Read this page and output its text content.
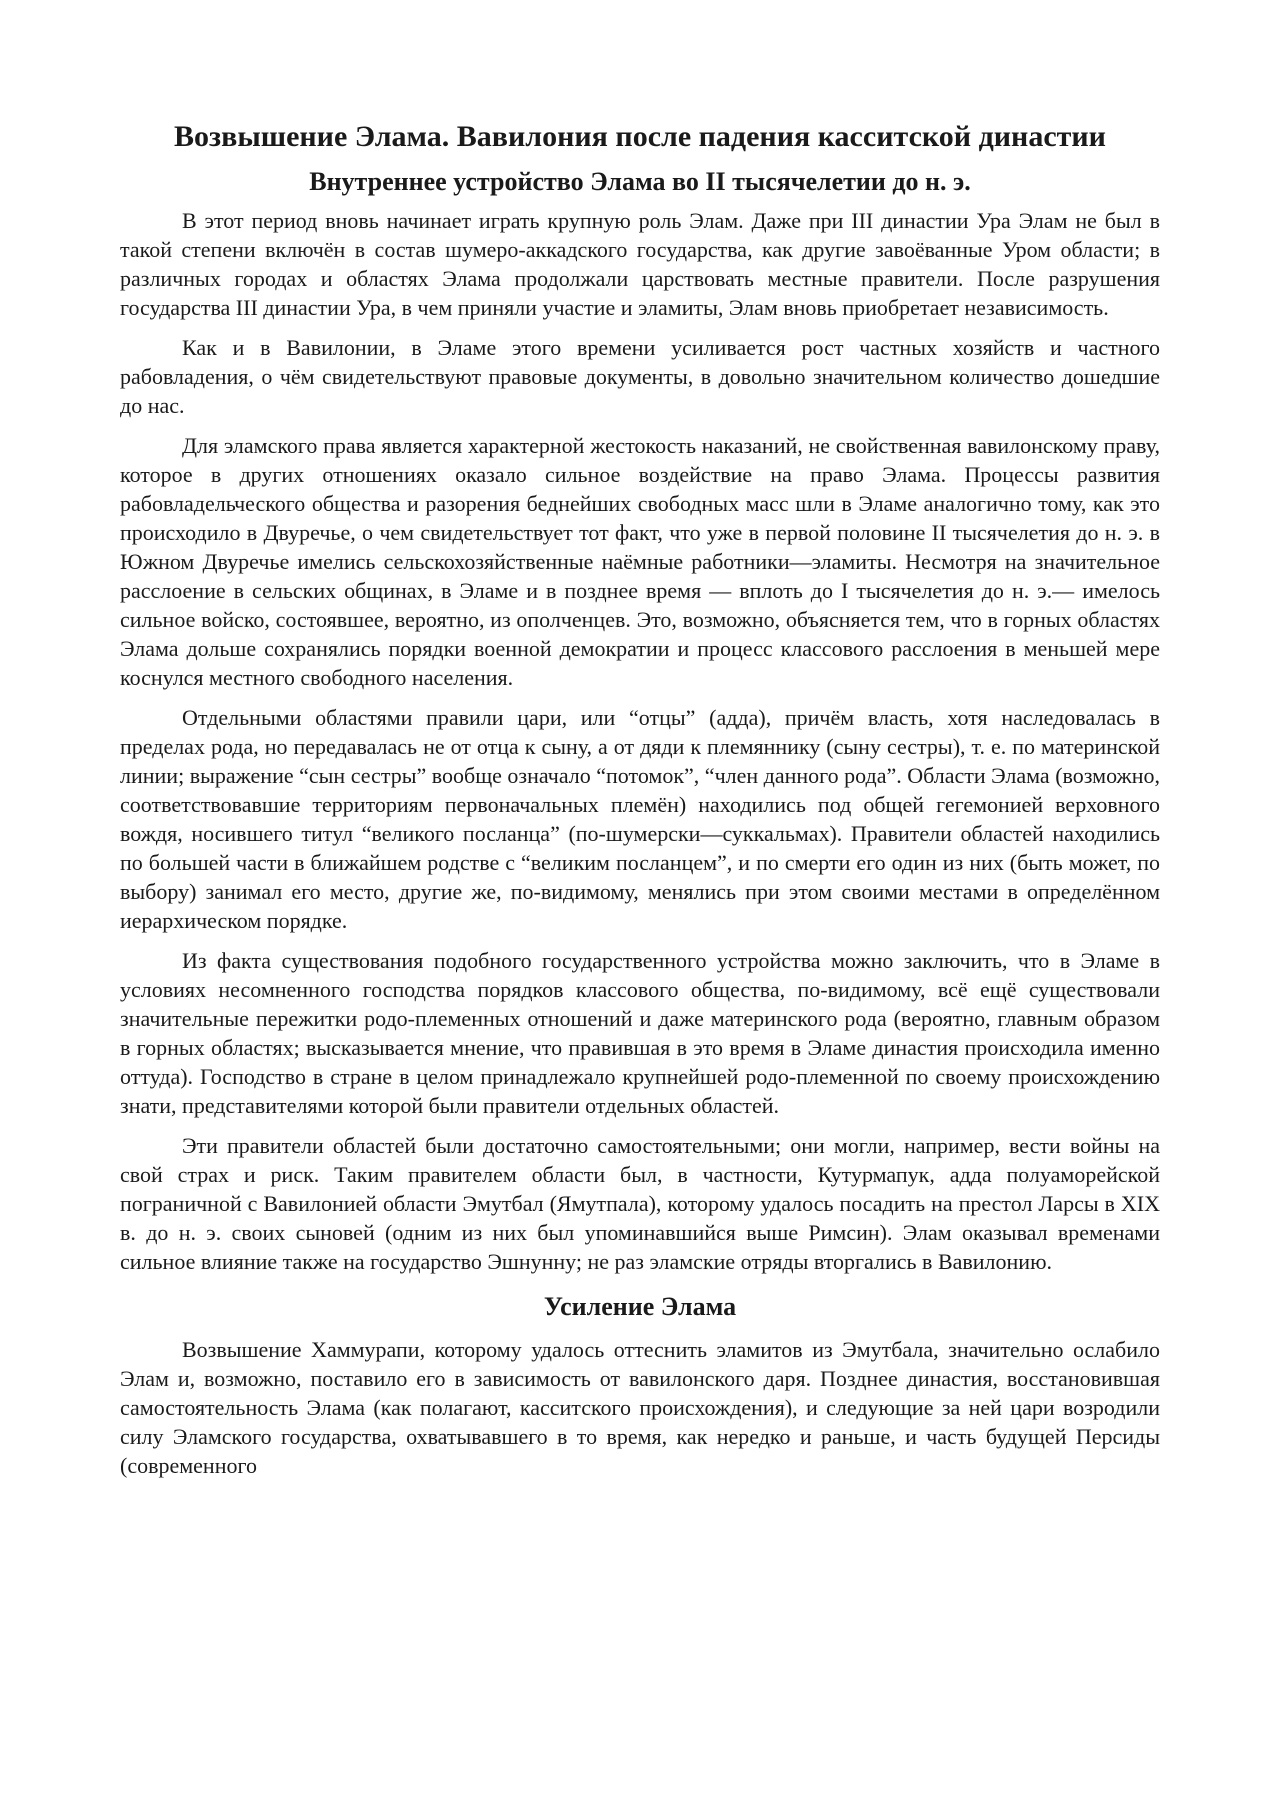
Возвышение Элама. Вавилония после падения касситской династии
Внутреннее устройство Элама во II тысячелетии до н. э.

В этот период вновь начинает играть крупную роль Элам. Даже при III династии Ура Элам не был в такой степени включён в состав шумеро-аккадского государства, как другие завоёванные Уром области; в различных городах и областях Элама продолжали царствовать местные правители. После разрушения государства III династии Ура, в чем приняли участие и эламиты, Элам вновь приобретает независимость.

Как и в Вавилонии, в Эламе этого времени усиливается рост частных хозяйств и частного рабовладения, о чём свидетельствуют правовые документы, в довольно значительном количество дошедшие до нас.

Для эламского права является характерной жестокость наказаний, не свойственная вавилонскому праву, которое в других отношениях оказало сильное воздействие на право Элама. Процессы развития рабовладельческого общества и разорения беднейших свободных масс шли в Эламе аналогично тому, как это происходило в Двуречье, о чем свидетельствует тот факт, что уже в первой половине II тысячелетия до н. э. в Южном Двуречье имелись сельскохозяйственные наёмные работники—эламиты. Несмотря на значительное расслоение в сельских общинах, в Эламе и в позднее время — вплоть до I тысячелетия до н. э.— имелось сильное войско, состоявшее, вероятно, из ополченцев. Это, возможно, объясняется тем, что в горных областях Элама дольше сохранялись порядки военной демократии и процесс классового расслоения в меньшей мере коснулся местного свободного населения.

Отдельными областями правили цари, или “отцы” (адда), причём власть, хотя наследовалась в пределах рода, но передавалась не от отца к сыну, а от дяди к племяннику (сыну сестры), т. е. по материнской линии; выражение “сын сестры” вообще означало “потомок”, “член данного рода”. Области Элама (возможно, соответствовавшие территориям первоначальных племён) находились под общей гегемонией верховного вождя, носившего титул “великого посланца” (по-шумерски—суккальмах). Правители областей находились по большей части в ближайшем родстве с “великим посланцем”, и по смерти его один из них (быть может, по выбору) занимал его место, другие же, по-видимому, менялись при этом своими местами в определённом иерархическом порядке.

Из факта существования подобного государственного устройства можно заключить, что в Эламе в условиях несомненного господства порядков классового общества, по-видимому, всё ещё существовали значительные пережитки родо-племенных отношений и даже материнского рода (вероятно, главным образом в горных областях; высказывается мнение, что правившая в это время в Эламе династия происходила именно оттуда). Господство в стране в целом принадлежало крупнейшей родо-племенной по своему происхождению знати, представителями которой были правители отдельных областей.

Эти правители областей были достаточно самостоятельными; они могли, например, вести войны на свой страх и риск. Таким правителем области был, в частности, Кутурмапук, адда полуаморейской пограничной с Вавилонией области Эмутбал (Ямутпала), которому удалось посадить на престол Ларсы в XIX в. до н. э. своих сыновей (одним из них был упоминавшийся выше Римсин). Элам оказывал временами сильное влияние также на государство Эшнунну; не раз эламские отряды вторгались в Вавилонию.

Усиление Элама

Возвышение Хаммурапи, которому удалось оттеснить эламитов из Эмутбала, значительно ослабило Элам и, возможно, поставило его в зависимость от вавилонского даря. Позднее династия, восстановившая самостоятельность Элама (как полагают, касситского происхождения), и следующие за ней цари возродили силу Эламского государства, охватывавшего в то время, как нередко и раньше, и часть будущей Персиды (современного
